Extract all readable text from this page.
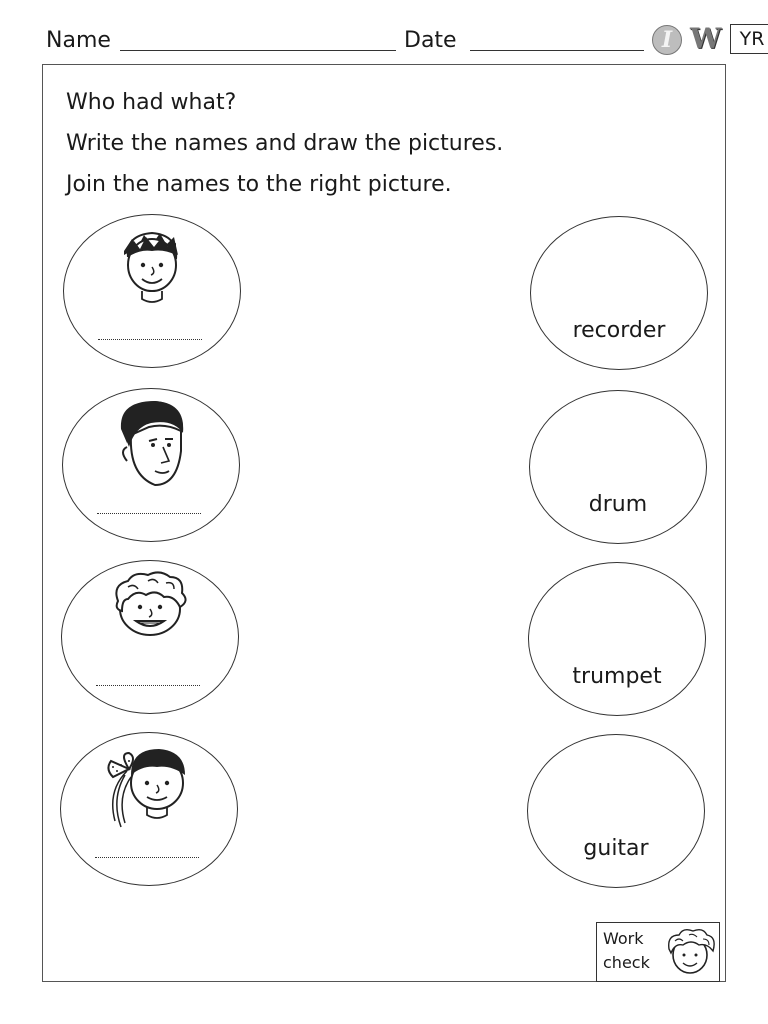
Name	Date	I W YR
Who had what?
Write the names and draw the pictures.
Join the names to the right picture.
recorder
drum
trumpet
guitar
Work
check
